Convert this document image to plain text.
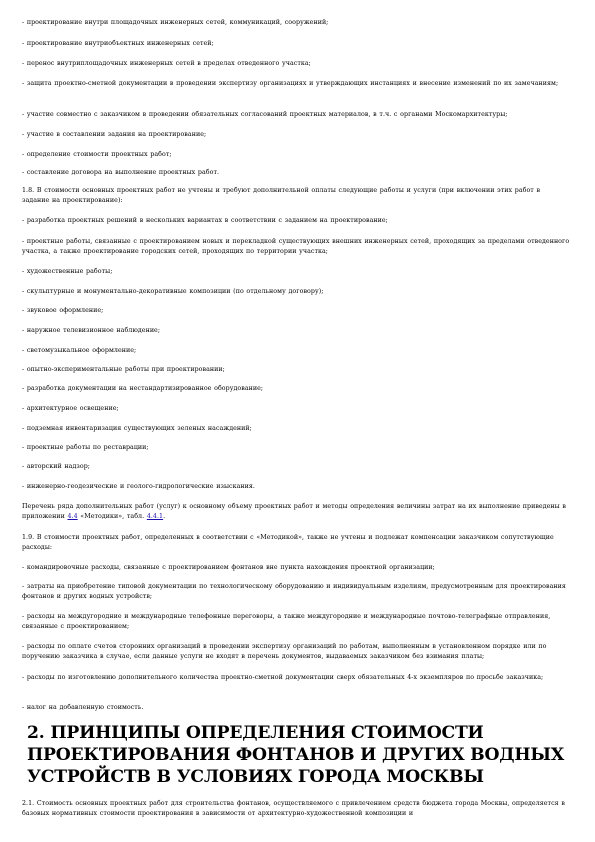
- проектирование внутри площадочных инженерных сетей, коммуникаций, сооружений;

- проектирование внутриобъектных инженерных сетей;

- перенос внутриплощадочных инженерных сетей в пределах отведенного участка;

- защита проектно-сметной документации в проведении экспертизу организациях и утверждающих инстанциях и внесение изменений по их замечаниям;

- участие совместно с заказчиком в проведении обязательных согласований проектных материалов, в т.ч. с органами Москомархитектуры;

- участие в составлении задания на проектирование;

- определение стоимости проектных работ;

- составление договора на выполнение проектных работ.

1.8. В стоимости основных проектных работ не учтены и требуют дополнительной оплаты следующие работы и услуги (при включении этих работ в задание на проектирование):

- разработка проектных решений в нескольких вариантах в соответствии с заданием на проектирование;

- проектные работы, связанные с проектированием новых и перекладкой существующих внешних инженерных сетей, проходящих за пределами отведенного участка, а также проектирование городских сетей, проходящих по территории участка;

- художественные работы;

- скульптурные и монументально-декоративные композиции (по отдельному договору);

- звуковое оформление;

- наружное телевизионное наблюдение;

- светомузыкальное оформление;

- опытно-экспериментальные работы при проектировании;

- разработка документации на нестандартизированное оборудование;

- архитектурное освещение;

- подземная инвентаризация существующих зеленых насаждений;

- проектные работы по реставрации;

- авторский надзор;

- инженерно-геодезические и геолого-гидрологические изыскания.

Перечень ряда дополнительных работ (услуг) к основному объему проектных работ и методы определения величины затрат на их выполнение приведены в приложении 4.4 «Методики», табл. 4.4.1.

1.9. В стоимости проектных работ, определенных в соответствии с «Методикой», также не учтены и подлежат компенсации заказчиком сопутствующие расходы:

- командировочные расходы, связанные с проектированием фонтанов вне пункта нахождения проектной организации;

- затраты на приобретение типовой документации по технологическому оборудованию и индивидуальным изделиям, предусмотренным для проектирования фонтанов и других водных устройств;

- расходы на междугородние и международные телефонные переговоры, а также междугородние и международные почтово-телеграфные отправления, связанные с проектированием;

- расходы по оплате счетов сторонних организаций в проведении экспертизу организаций по работам, выполненным в установленном порядке или по поручению заказчика в случае, если данные услуги не входят в перечень документов, выдаваемых заказчиком без взимания платы;

- расходы по изготовлению дополнительного количества проектно-сметной документации сверх обязательных 4-х экземпляров по просьбе заказчика;

- налог на добавленную стоимость.

2. ПРИНЦИПЫ ОПРЕДЕЛЕНИЯ СТОИМОСТИ
ПРОЕКТИРОВАНИЯ ФОНТАНОВ И ДРУГИХ ВОДНЫХ
УСТРОЙСТВ В УСЛОВИЯХ ГОРОДА МОСКВЫ

2.1. Стоимость основных проектных работ для строительства фонтанов, осуществляемого с привлечением средств бюджета города Москвы, определяется в базовых нормативных стоимости проектирования в зависимости от архитектурно-художественной композиции и
